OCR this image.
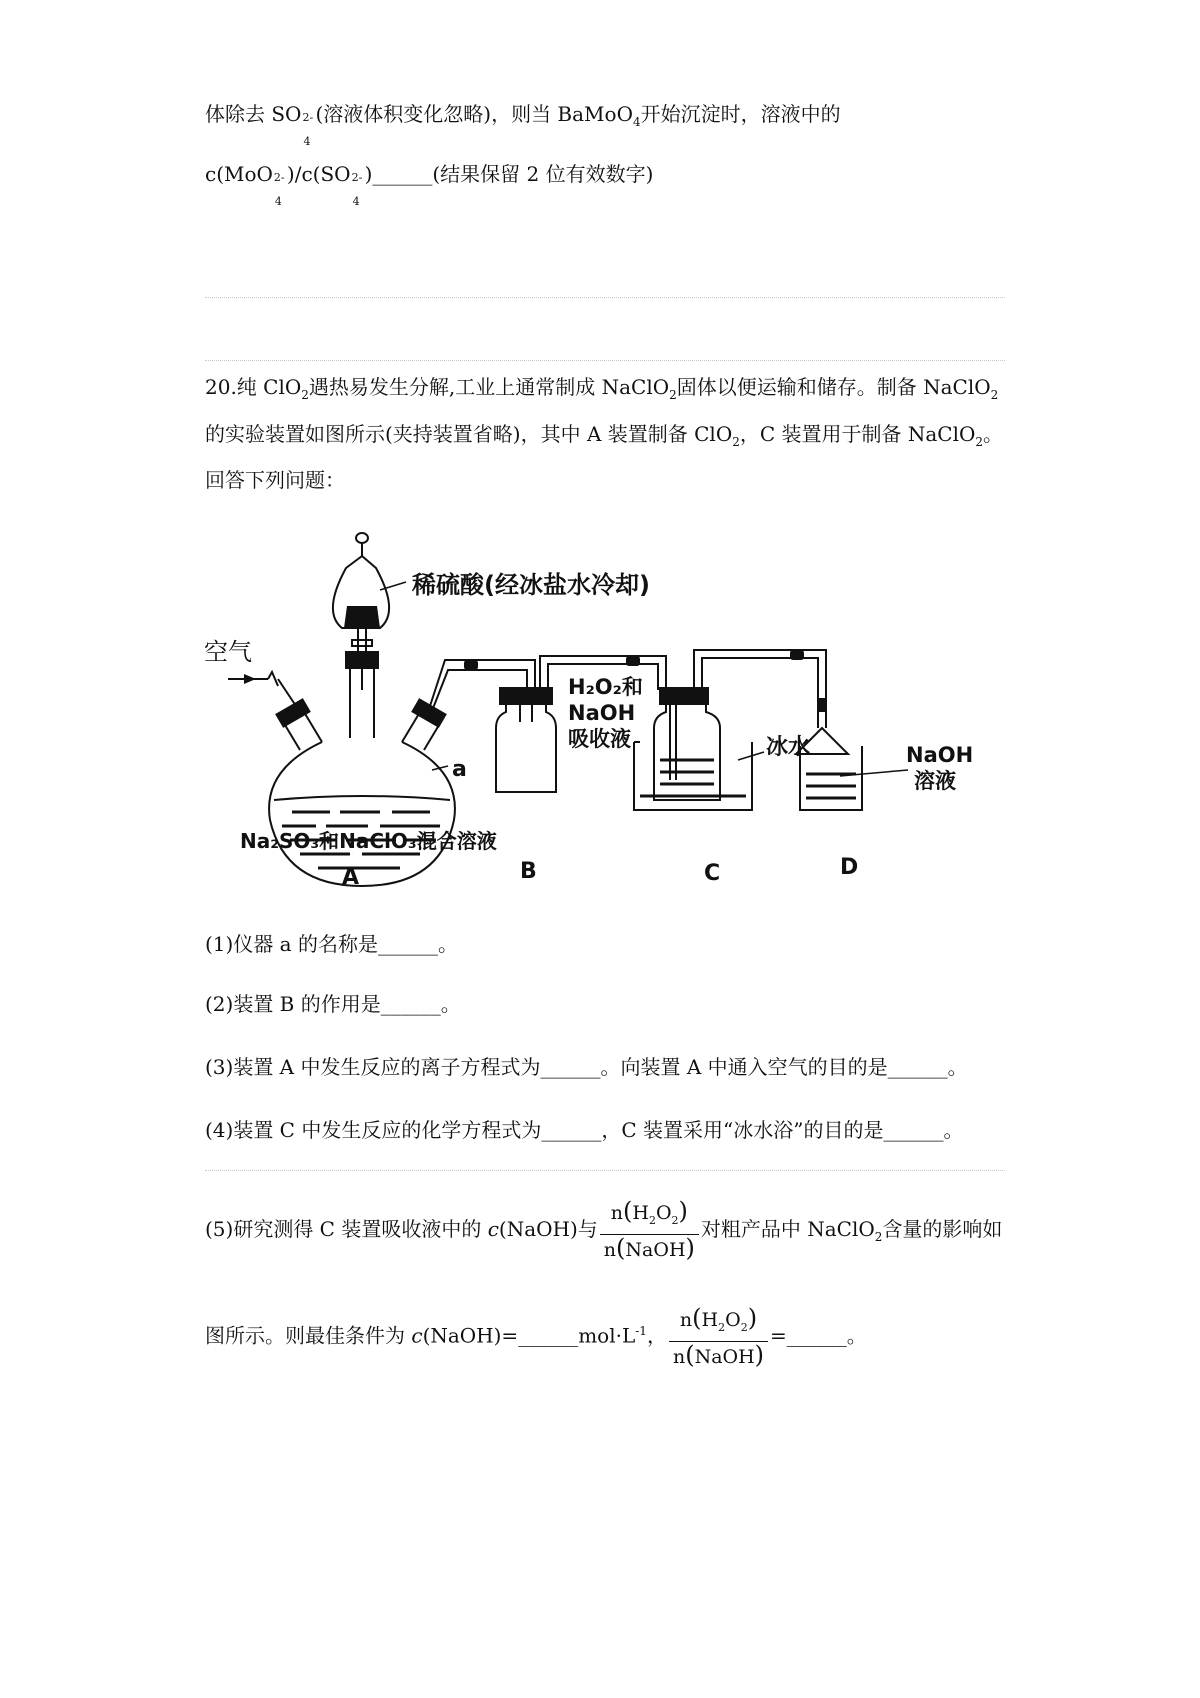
体除去 SO 2-
4
(溶液体积变化忽略)，则当 BaMoO$_4$开始沉淀时，溶液中的
c(MoO 2-
4
)/c(SO 2-
4
)______(结果保留 2 位有效数字)
20.纯 ClO$_2$遇热易发生分解,工业上通常制成 NaClO$_2$固体以便运输和储存。制备 NaClO$_2$
的实验装置如图所示(夹持装置省略)，其中 A 装置制备 ClO$_2$，C 装置用于制备 NaClO$_2$。
回答下列问题：
稀硫酸(经冰盐水冷却)
空气
a
Na₂SO₃和NaClO₃混合溶液
H₂O₂和
NaOH
吸收液	冰水	NaOH
溶液
A	B	C	D
(1)仪器 a 的名称是______。
(2)装置 B 的作用是______。
(3)装置 A 中发生反应的离子方程式为______。向装置 A 中通入空气的目的是______。
(4)装置 C 中发生反应的化学方程式为______，C 装置采用“冰水浴”的目的是______。
(5)研究测得 C 装置吸收液中的 c(NaOH)与 $\frac{n(H_2O_2)}{\text{n(NaOH)}}$ 对粗产品中 NaClO$_2$含量的影响如
图所示。则最佳条件为 $c(NaOH)=\_\_\_\_\_\_mol\cdot L^{-1}$， $\frac{n(H_2O_2)}{\text{n(NaOH)}}$ =______。
